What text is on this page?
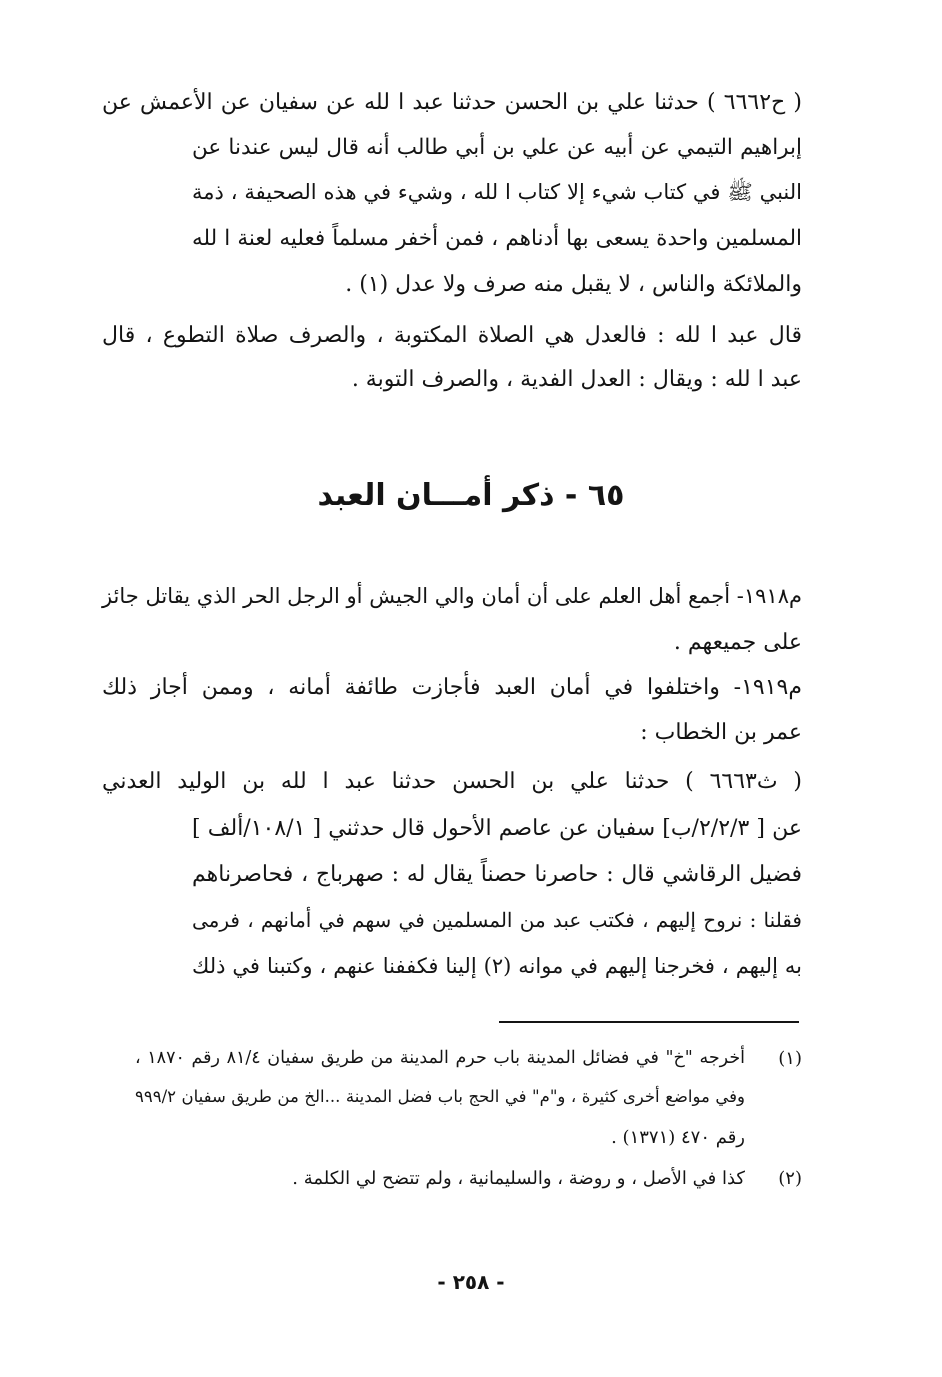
( ح٦٦٦٢ ) حدثنا علي بن الحسن حدثنا عبد ا لله عن سفيان عن الأعمش عن
إبراهيم التيمي عن أبيه عن علي بن أبي طالب أنه قال ليس عندنا عن
النبي ﷺ في كتاب شيء إلا كتاب ا لله ، وشيء في هذه الصحيفة ، ذمة
المسلمين واحدة يسعى بها أدناهم ، فمن أخفر مسلماً فعليه لعنة ا لله
والملائكة والناس ، لا يقبل منه صرف ولا عدل (١) .
قال عبد ا لله : فالعدل هي الصلاة المكتوبة ، والصرف صلاة التطوع ، قال
عبد ا لله : ويقال : العدل الفدية ، والصرف التوبة .
٦٥ - ذكر أمـــان العبد
م١٩١٨- أجمع أهل العلم على أن أمان والي الجيش أو الرجل الحر الذي يقاتل جائز
على جميعهم .
م١٩١٩- واختلفوا في أمان العبد فأجازت طائفة أمانه ، وممن أجاز ذلك
عمر بن الخطاب :
( ث٦٦٦٣ ) حدثنا علي بن الحسن حدثنا عبد ا لله بن الوليد العدني
عن [ ٢/٢/٣/ب] سفيان عن عاصم الأحول قال حدثني [ ١٠٨/١/ألف ]
فضيل الرقاشي قال : حاصرنا حصناً يقال له : صهرباج ، فحاصرناهم
فقلنا : نروح إليهم ، فكتب عبد من المسلمين في سهم في أمانهم ، فرمى
به إليهم ، فخرجنا إليهم في موانه (٢) إلينا فكففنا عنهم ، وكتبنا في ذلك
(١)
أخرجه "خ" في فضائل المدينة باب حرم المدينة من طريق سفيان ٨١/٤ رقم ١٨٧٠ ،
وفي مواضع أخرى كثيرة ، و"م" في الحج باب فضل المدينة ...الخ من طريق سفيان ٩٩٩/٢
رقم ٤٧٠ (١٣٧١) .
(٢)
كذا في الأصل ، و روضة ، والسليمانية ، ولم تتضح لي الكلمة .
- ٢٥٨ -
